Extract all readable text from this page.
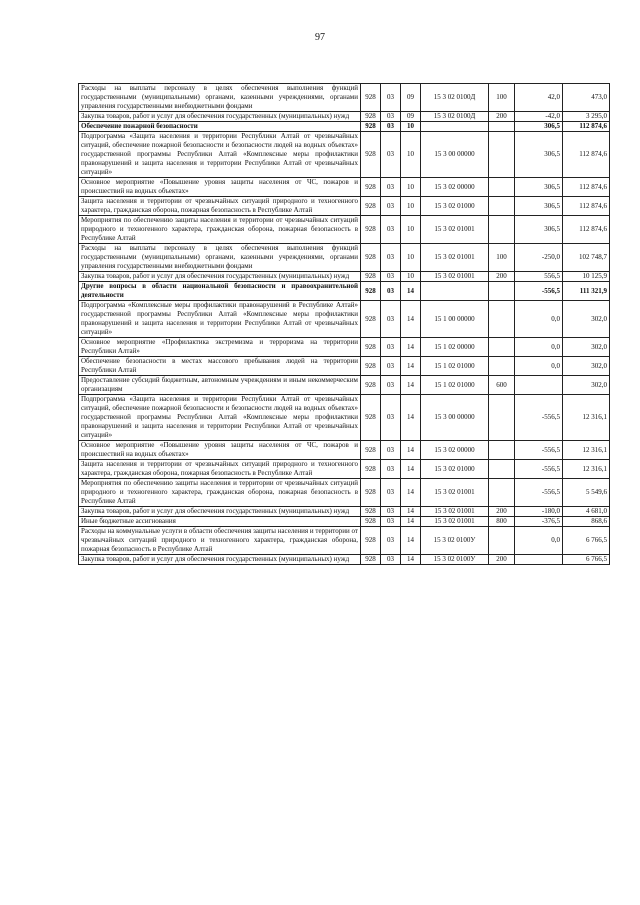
97
Расходы на выплаты персоналу в целях обеспечения выполнения функций государственными (муниципальными) органами, казенными учреждениями, органами управления государственными внебюджетными фондами	928	03	09	15 3 02 0100Д	100	42,0	473,0
Закупка товаров, работ и услуг для обеспечения государственных (муниципальных) нужд	928	03	09	15 3 02 0100Д	200	-42,0	3 295,0
Обеспечение пожарной безопасности	928	03	10			306,5	112 874,6
Подпрограмма «Защита населения и территории Республики Алтай от чрезвычайных ситуаций, обеспечение пожарной безопасности и безопасности людей на водных объектах» государственной программы Республики Алтай «Комплексные меры профилактики правонарушений и защита населения и территории Республики Алтай от чрезвычайных ситуаций»	928	03	10	15 3 00 00000		306,5	112 874,6
Основное мероприятие «Повышение уровня защиты населения от ЧС, пожаров и происшествий на водных объектах»	928	03	10	15 3 02 00000		306,5	112 874,6
Защита населения и территории от чрезвычайных ситуаций природного и техногенного характера, гражданская оборона, пожарная безопасность в Республике Алтай	928	03	10	15 3 02 01000		306,5	112 874,6
Мероприятия по обеспечению защиты населения и территории от чрезвычайных ситуаций природного и техногенного характера, гражданская оборона, пожарная безопасность в Республике Алтай	928	03	10	15 3 02 01001		306,5	112 874,6
Расходы на выплаты персоналу в целях обеспечения выполнения функций государственными (муниципальными) органами, казенными учреждениями, органами управления государственными внебюджетными фондами	928	03	10	15 3 02 01001	100	-250,0	102 748,7
Закупка товаров, работ и услуг для обеспечения государственных (муниципальных) нужд	928	03	10	15 3 02 01001	200	556,5	10 125,9
Другие вопросы в области национальной безопасности и правоохранительной деятельности	928	03	14			-556,5	111 321,9
Подпрограмма «Комплексные меры профилактики правонарушений в Республике Алтай» государственной программы Республики Алтай «Комплексные меры профилактики правонарушений и защита населения и территории Республики Алтай от чрезвычайных ситуаций»	928	03	14	15 1 00 00000		0,0	302,0
Основное мероприятие «Профилактика экстремизма и терроризма на территории Республики Алтай»	928	03	14	15 1 02 00000		0,0	302,0
Обеспечение безопасности в местах массового пребывания людей на территории Республики Алтай	928	03	14	15 1 02 01000		0,0	302,0
Предоставление субсидий бюджетным, автономным учреждениям и иным некоммерческим организациям	928	03	14	15 1 02 01000	600		302,0
Подпрограмма «Защита населения и территории Республики Алтай от чрезвычайных ситуаций, обеспечение пожарной безопасности и безопасности людей на водных объектах» государственной программы Республики Алтай «Комплексные меры профилактики правонарушений и защита населения и территории Республики Алтай от чрезвычайных ситуаций»	928	03	14	15 3 00 00000		-556,5	12 316,1
Основное мероприятие «Повышение уровня защиты населения от ЧС, пожаров и происшествий на водных объектах»	928	03	14	15 3 02 00000		-556,5	12 316,1
Защита населения и территории от чрезвычайных ситуаций природного и техногенного характера, гражданская оборона, пожарная безопасность в Республике Алтай	928	03	14	15 3 02 01000		-556,5	12 316,1
Мероприятия по обеспечению защиты населения и территории от чрезвычайных ситуаций природного и техногенного характера, гражданская оборона, пожарная безопасность в Республике Алтай	928	03	14	15 3 02 01001		-556,5	5 549,6
Закупка товаров, работ и услуг для обеспечения государственных (муниципальных) нужд	928	03	14	15 3 02 01001	200	-180,0	4 681,0
Иные бюджетные ассигнования	928	03	14	15 3 02 01001	800	-376,5	868,6
Расходы на коммунальные услуги в области обеспечения защиты населения и территории от чрезвычайных ситуаций природного и техногенного характера, гражданская оборона, пожарная безопасность в Республике Алтай	928	03	14	15 3 02 0100У		0,0	6 766,5
Закупка товаров, работ и услуг для обеспечения государственных (муниципальных) нужд	928	03	14	15 3 02 0100У	200		6 766,5
